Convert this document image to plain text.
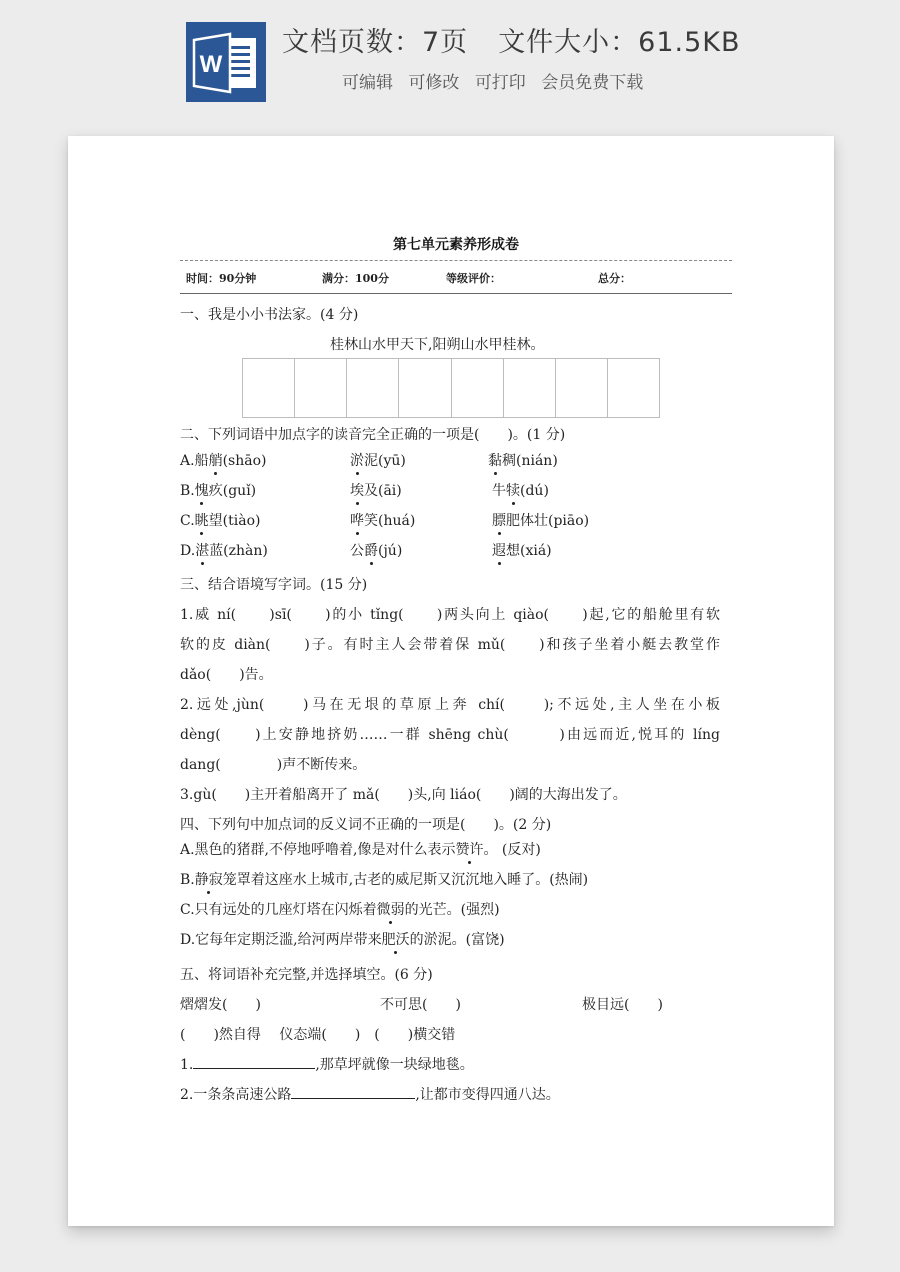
W
文档页数：7页 文件大小：61.5KB
可编辑 可修改 可打印 会员免费下载
第七单元素养形成卷
时间：90分钟	满分：100分	等级评价：	总分：
一、我是小小书法家。(4 分)
桂林山水甲天下,阳朔山水甲桂林。
二、下列词语中加点字的读音完全正确的一项是(　　)。(1 分)
A.船艄(shāo)	淤泥(yū)	黏稠(nián)
B.愧疚(guǐ)	埃及(āi)	牛犊(dú)
C.眺望(tiào)	哗笑(huá)	膘肥体壮(piāo)
D.湛蓝(zhàn)	公爵(jú)	遐想(xiá)
三、结合语境写字词。(15 分)
1.威 ní(　　)sī(　　)的小 tǐng(　　)两头向上 qiào(　　)起,它的船舱里有软
软的皮 diàn(　　)子。有时主人会带着保 mǔ(　　)和孩子坐着小艇去教堂作
dǎo(　　)告。
2.远处,jùn(　　)马在无垠的草原上奔 chí(　　);不远处,主人坐在小板
dèng(　　)上安静地挤奶……一群 shēng chù(　　　)由远而近,悦耳的 líng
dang(　　　　)声不断传来。
3.gù(　　)主开着船离开了 mǎ(　　)头,向 liáo(　　)阔的大海出发了。
四、下列句中加点词的反义词不正确的一项是(　　)。(2 分)
A.黑色的猪群,不停地呼噜着,像是对什么表示赞许。 (反对)
B.静寂笼罩着这座水上城市,古老的威尼斯又沉沉地入睡了。(热闹)
C.只有远处的几座灯塔在闪烁着微弱的光芒。(强烈)
D.它每年定期泛滥,给河两岸带来肥沃的淤泥。(富饶)
五、将词语补充完整,并选择填空。(6 分)
熠熠发(　　)	不可思(　　)	极目远(　　)
(　　)然自得　 仪态端(　　)　(　　)横交错
1.	,那草坪就像一块绿地毯。
2.一条条高速公路	,让都市变得四通八达。
